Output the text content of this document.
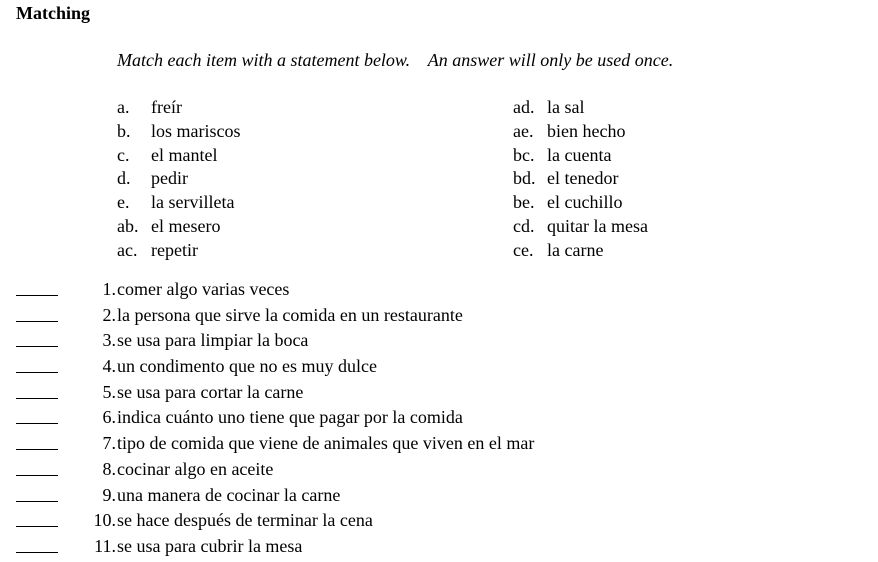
Matching
Match each item with a statement below.    An answer will only be used once.
a. freír
b. los mariscos
c. el mantel
d. pedir
e. la servilleta
ab. el mesero
ac. repetir
ad. la sal
ae. bien hecho
bc. la cuenta
bd. el tenedor
be. el cuchillo
cd. quitar la mesa
ce. la carne
1. comer algo varias veces
2. la persona que sirve la comida en un restaurante
3. se usa para limpiar la boca
4. un condimento que no es muy dulce
5. se usa para cortar la carne
6. indica cuánto uno tiene que pagar por la comida
7. tipo de comida que viene de animales que viven en el mar
8. cocinar algo en aceite
9. una manera de cocinar la carne
10. se hace después de terminar la cena
11. se usa para cubrir la mesa
